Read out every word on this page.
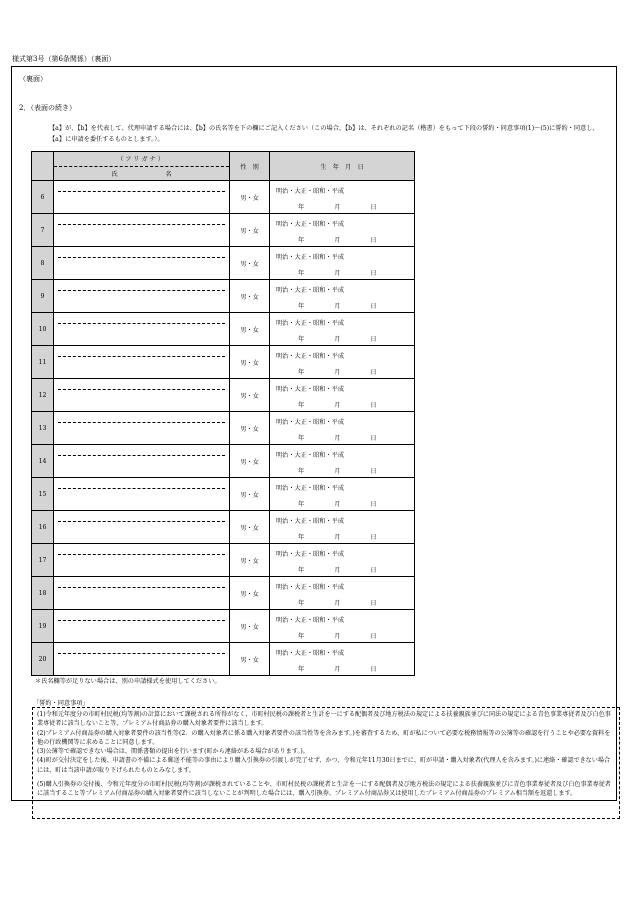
様式第3号（第6条関係）（裏面）
（裏面）
2．（表面の続き）
【a】が、【b】を代表して、代理申請する場合には、【b】の氏名等を下の欄にご記入ください（この場合、【b】は、それぞれの記名（楷書）をもって下段の誓約・同意事項(1)～(5)に誓約・同意し、【a】に申請を委任するものとします。）。

（フリガナ）
氏 名	性　別	生　年　月　日
6		男・女	明治・大正・昭和・平成
年 月 日

7		男・女	明治・大正・昭和・平成
年 月 日

8		男・女	明治・大正・昭和・平成
年 月 日

9		男・女	明治・大正・昭和・平成
年 月 日

10		男・女	明治・大正・昭和・平成
年 月 日

11		男・女	明治・大正・昭和・平成
年 月 日

12		男・女	明治・大正・昭和・平成
年 月 日

13		男・女	明治・大正・昭和・平成
年 月 日

14		男・女	明治・大正・昭和・平成
年 月 日

15		男・女	明治・大正・昭和・平成
年 月 日

16		男・女	明治・大正・昭和・平成
年 月 日

17		男・女	明治・大正・昭和・平成
年 月 日

18		男・女	明治・大正・昭和・平成
年 月 日

19		男・女	明治・大正・昭和・平成
年 月 日

20		男・女	明治・大正・昭和・平成
年 月 日
＊氏名欄等が足りない場合は、別の申請様式を使用してください。
「誓約・同意事項」

(1)令和元年度分の市町村民税(均等割)の計算において課税される所得がなく、市町村民税の課税者と生計を一にする配偶者及び地方税法の規定による扶養親族並びに同法の規定による青色事業専従者及び白色事業専従者に該当しないこと等、プレミアム付商品券の購入対象者要件に該当します。

(2)プレミアム付商品券の購入対象者要件の該当性等(2．の購入対象者に係る購入対象者要件の該当性等を含みます。)を審査するため、町が私について必要な税務情報等の公簿等の確認を行うことや必要な資料を他の行政機関等に求めることに同意します。

(3)公簿等で確認できない場合は、関係書類の提出を行います(町から連絡がある場合があります。)。

(4)町が交付決定をした後、申請書の不備による郵送不能等の事由により購入引換券の引渡しが完了せず、かつ、令和元年11月30日までに、町が申請・購入対象者(代理人を含みます。)に連絡・確認できない場合には、町は当該申請が取り下げられたものとみなします。

(5)購入引換券の交付後、令和元年度分の市町村民税(均等割)が課税されていることや、市町村民税の課税者と生計を一にする配偶者及び地方税法の規定による扶養親族並びに青色事業専従者及び白色事業専従者に該当すること等プレミアム付商品券の購入対象者要件に該当しないことが判明した場合には、購入引換券、プレミアム付商品券又は使用したプレミアム付商品券のプレミアム相当額を返還します。
